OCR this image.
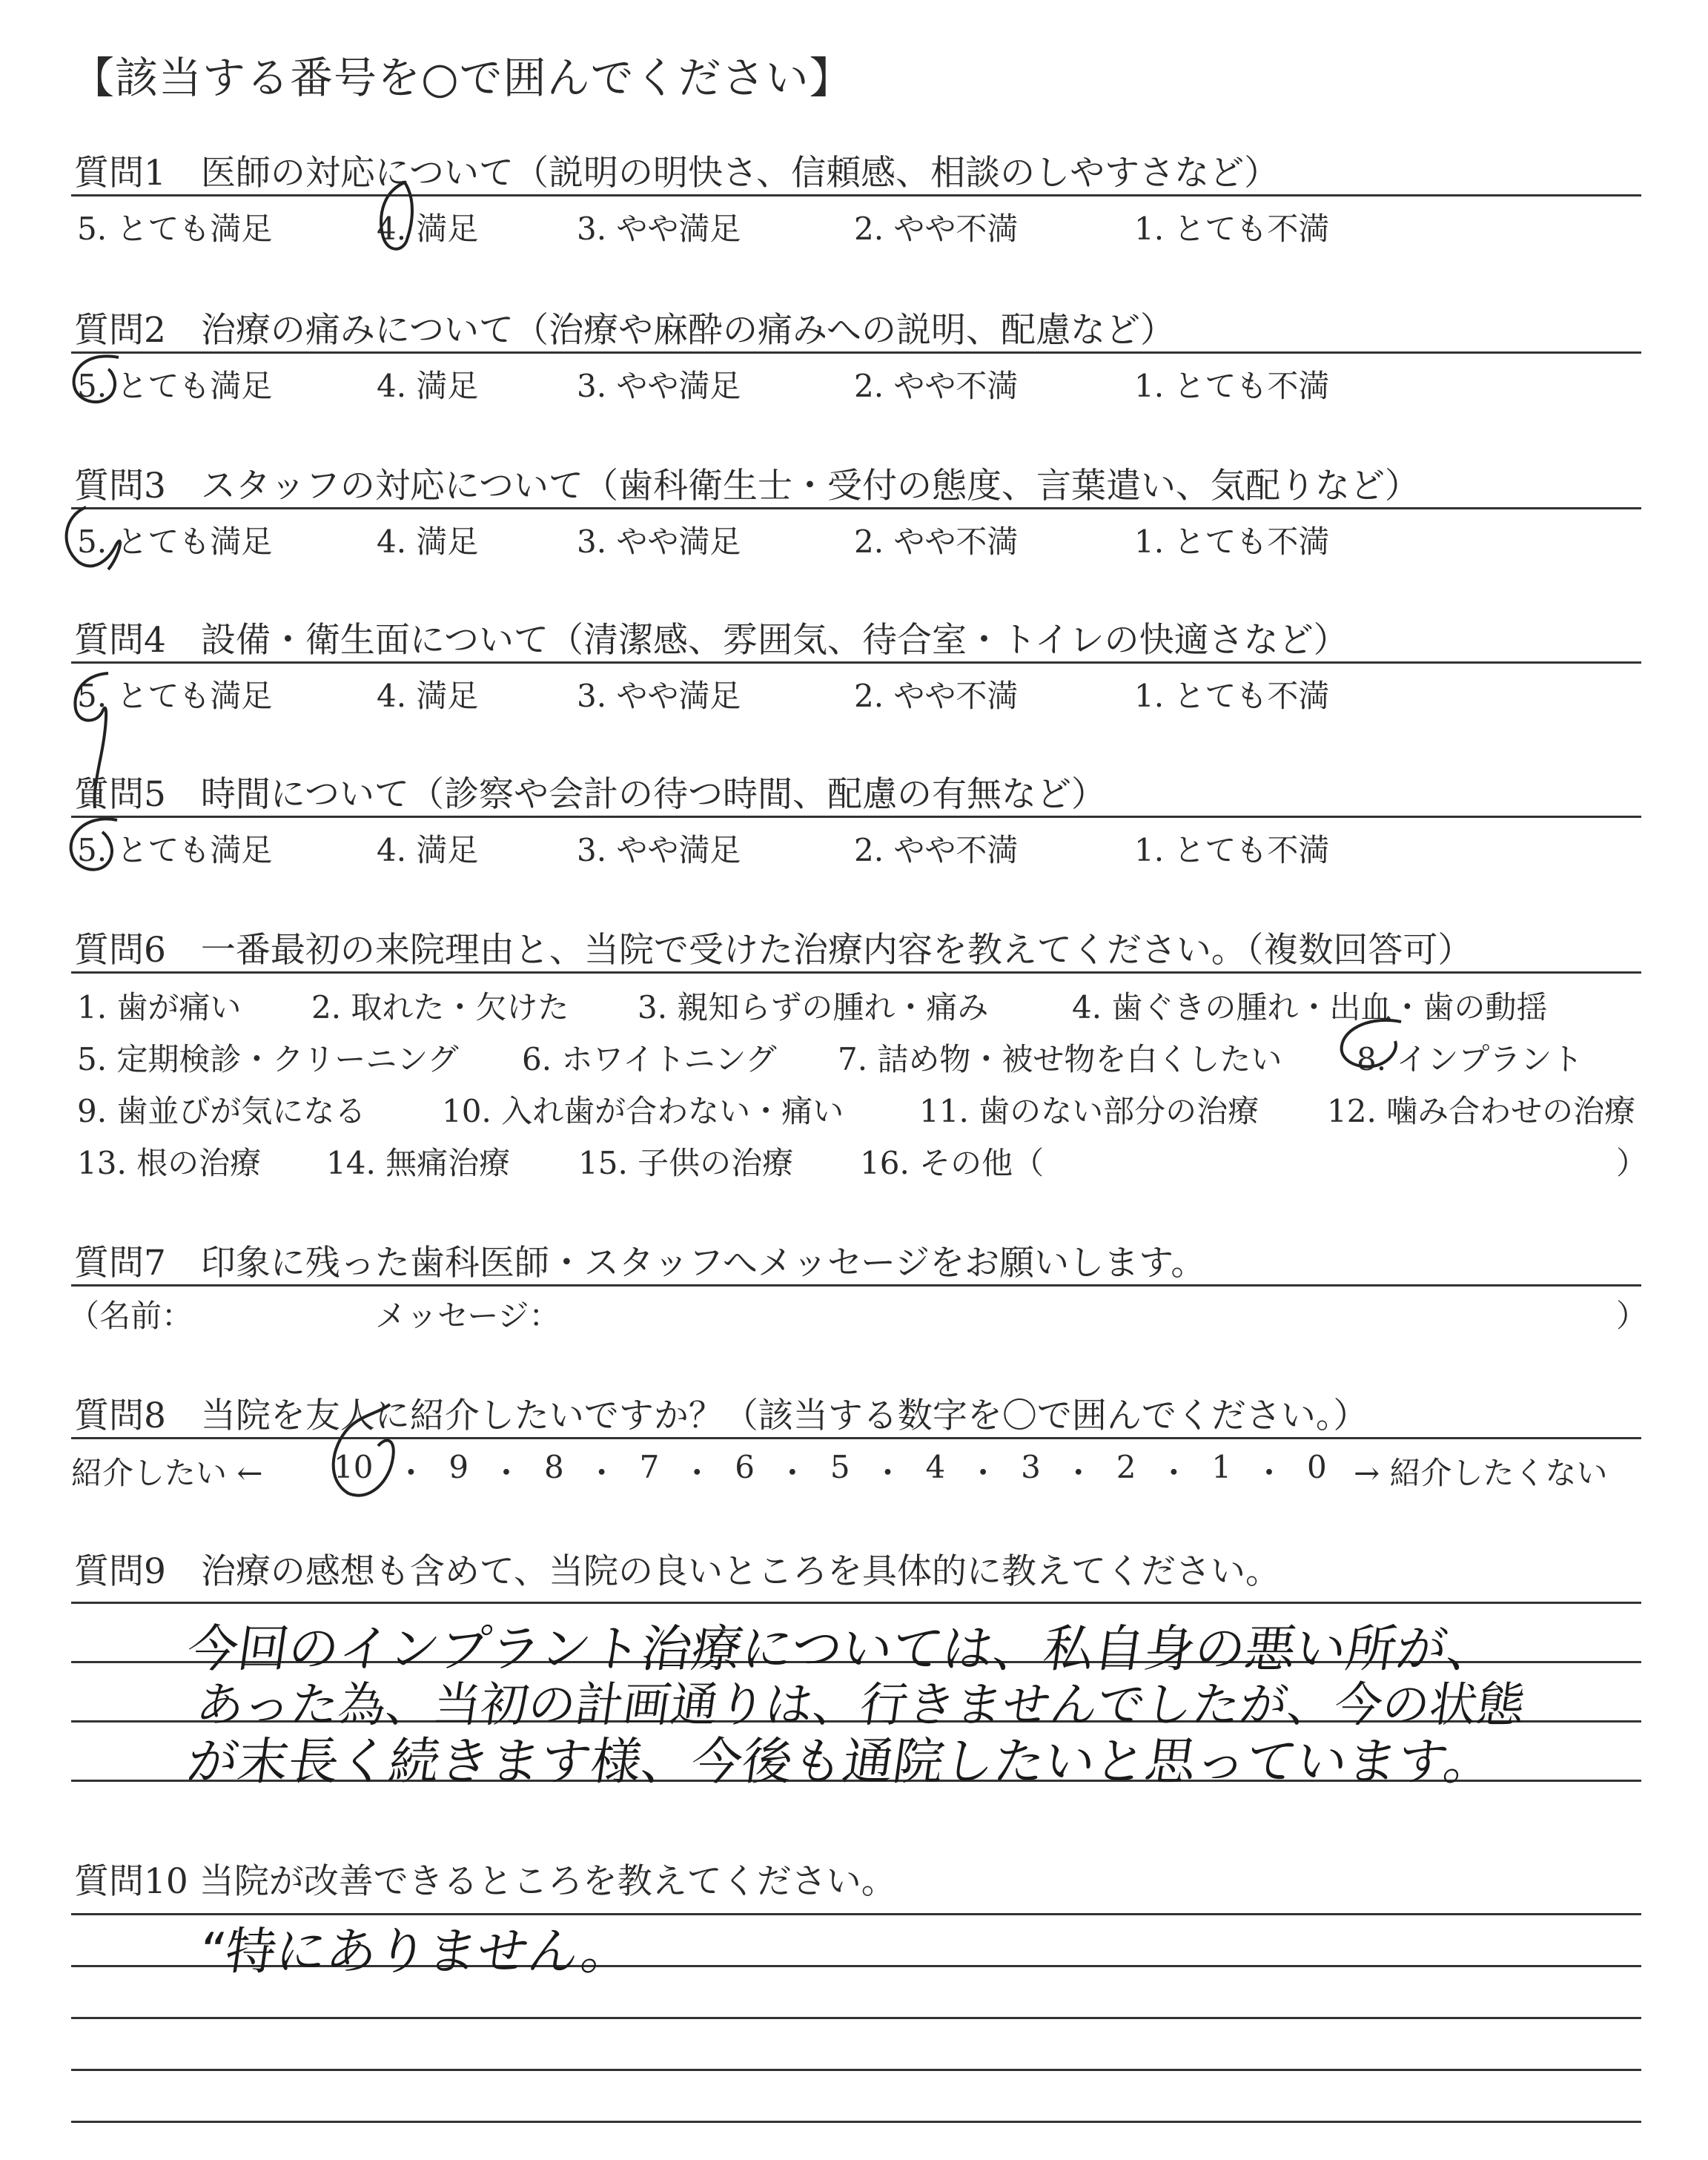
【該当する番号を○で囲んでください】
質問1　医師の対応について（説明の明快さ、信頼感、相談のしやすさなど）
5. とても満足	4. 満足	3. やや満足	2. やや不満	1. とても不満
質問2　治療の痛みについて（治療や麻酔の痛みへの説明、配慮など）
5. とても満足	4. 満足	3. やや満足	2. やや不満	1. とても不満
質問3　スタッフの対応について（歯科衛生士・受付の態度、言葉遣い、気配りなど）
5. とても満足	4. 満足	3. やや満足	2. やや不満	1. とても不満
質問4　設備・衛生面について（清潔感、雰囲気、待合室・トイレの快適さなど）
5. とても満足	4. 満足	3. やや満足	2. やや不満	1. とても不満
質問5　時間について（診察や会計の待つ時間、配慮の有無など）
5. とても満足	4. 満足	3. やや満足	2. やや不満	1. とても不満
質問6　一番最初の来院理由と、当院で受けた治療内容を教えてください。（複数回答可）
1. 歯が痛い 2. 取れた・欠けた 3. 親知らずの腫れ・痛み	4. 歯ぐきの腫れ・出血・歯の動揺
5. 定期検診・クリーニング 6. ホワイトニング 7. 詰め物・被せ物を白くしたい 8. インプラント
9. 歯並びが気になる 10. 入れ歯が合わない・痛い 11. 歯のない部分の治療 12. 噛み合わせの治療
13. 根の治療 14. 無痛治療 15. 子供の治療 16. その他（	）
質問7　印象に残った歯科医師・スタッフへメッセージをお願いします。
（名前：	メッセージ：	）
質問8　当院を友人に紹介したいですか？（該当する数字を〇で囲んでください。）
紹介したい ← 10 ・ 9 ・ 8 ・ 7 ・ 6 ・ 5 ・ 4 ・ 3 ・ 2 ・ 1 ・ 0 → 紹介したくない
質問9　治療の感想も含めて、当院の良いところを具体的に教えてください。
今回のインプラント治療については、私自身の悪い所が、
あった為、当初の計画通りは、行きませんでしたが、今の状態
が末長く続きます様、今後も通院したいと思っています。
質問10 当院が改善できるところを教えてください。
“特にありません。
